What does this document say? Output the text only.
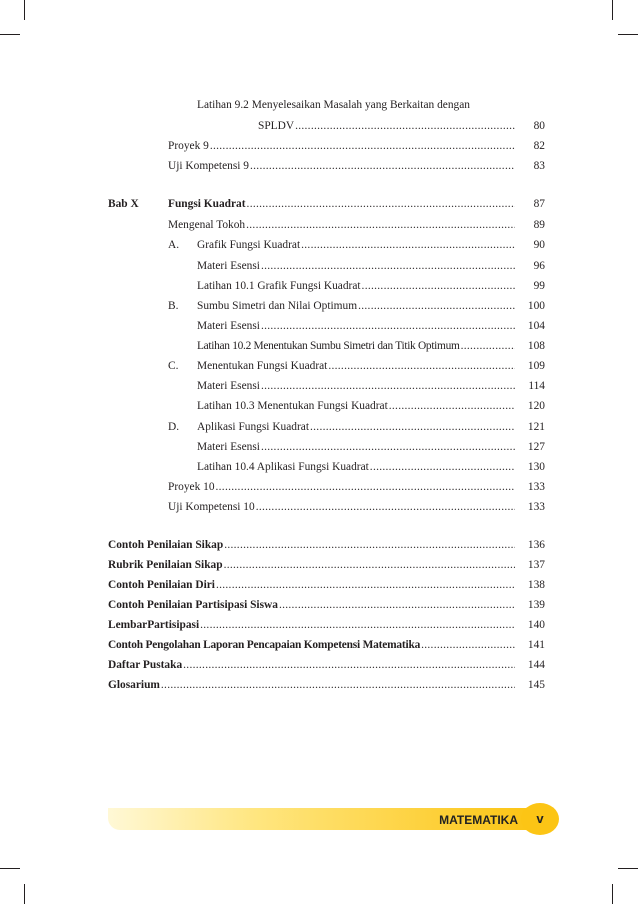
Latihan 9.2 Menyelesaikan Masalah yang Berkaitan dengan
SPLDV .....	80
Proyek 9 .....	82
Uji Kompetensi 9 .....	83
Bab X	Fungsi Kuadrat .....	87
Mengenal Tokoh .....	89
A. Grafik Fungsi Kuadrat .....	90
Materi Esensi .....	96
Latihan 10.1 Grafik Fungsi Kuadrat .....	99
B. Sumbu Simetri dan Nilai Optimum .....	100
Materi Esensi .....	104
Latihan 10.2 Menentukan Sumbu Simetri dan Titik Optimum .....	108
C. Menentukan Fungsi Kuadrat .....	109
Materi Esensi .....	114
Latihan 10.3 Menentukan Fungsi Kuadrat .....	120
D. Aplikasi Fungsi Kuadrat .....	121
Materi Esensi .....	127
Latihan 10.4 Aplikasi Fungsi Kuadrat .....	130
Proyek 10 .....	133
Uji Kompetensi 10 .....	133
Contoh Penilaian Sikap .....	136
Rubrik Penilaian Sikap .....	137
Contoh Penilaian Diri .....	138
Contoh Penilaian Partisipasi Siswa .....	139
LembarPartisipasi .....	140
Contoh Pengolahan Laporan Pencapaian Kompetensi Matematika .....	141
Daftar Pustaka .....	144
Glosarium .....	145
MATEMATIKA	v
